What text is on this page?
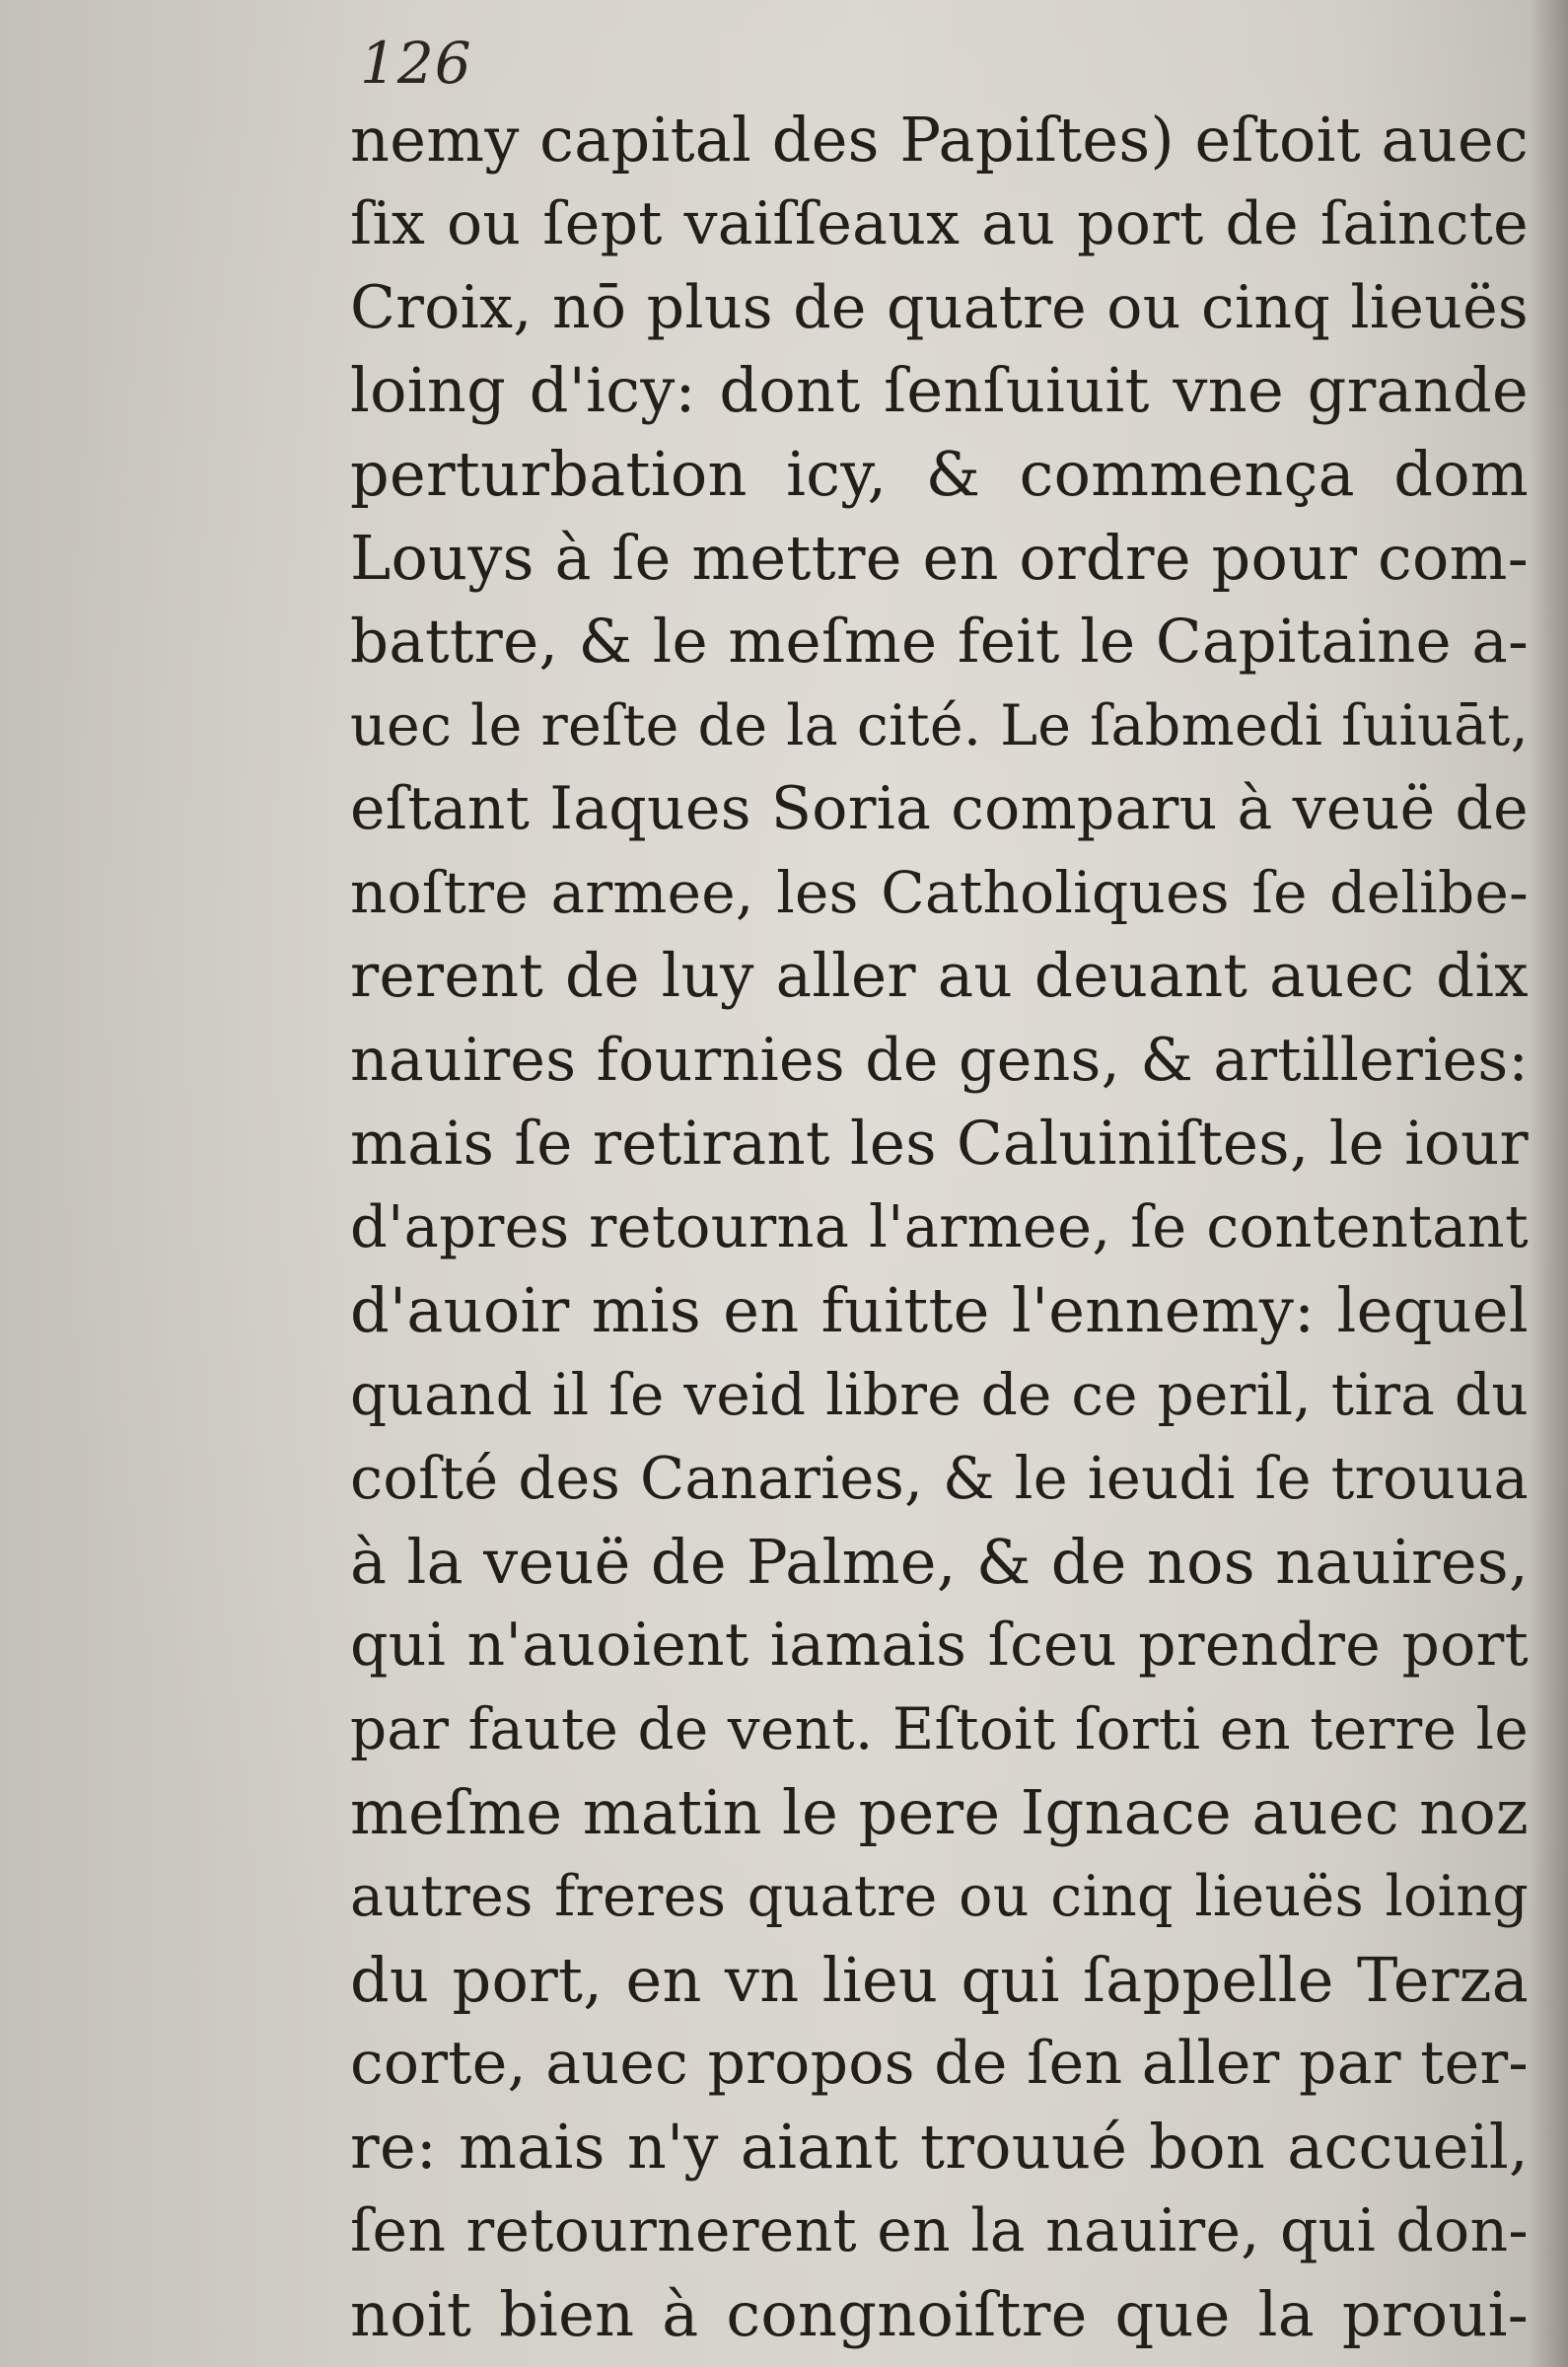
126
nemy capital des Papiſtes) eſtoit auec
ſix ou ſept vaiſſeaux au port de ſaincte
Croix, nō plus de quatre ou cinq lieuës
loing d'icy: dont ſenſuiuit vne grande
perturbation icy, & commença dom
Louys à ſe mettre en ordre pour com-
battre, & le meſme feit le Capitaine a-
uec le reſte de la cité. Le ſabmedi ſuiuāt,
eſtant Iaques Soria comparu à veuë de
noſtre armee, les Catholiques ſe delibe-
rerent de luy aller au deuant auec dix
nauires fournies de gens, & artilleries:
mais ſe retirant les Caluiniſtes, le iour
d'apres retourna l'armee, ſe contentant
d'auoir mis en fuitte l'ennemy: lequel
quand il ſe veid libre de ce peril, tira du
coſté des Canaries, & le ieudi ſe trouua
à la veuë de Palme, & de nos nauires,
qui n'auoient iamais ſceu prendre port
par faute de vent. Eſtoit ſorti en terre le
meſme matin le pere Ignace auec noz
autres freres quatre ou cinq lieuës loing
du port, en vn lieu qui ſappelle Terza
corte, auec propos de ſen aller par ter-
re: mais n'y aiant trouué bon accueil,
ſen retournerent en la nauire, qui don-
noit bien à congnoiſtre que la proui-
